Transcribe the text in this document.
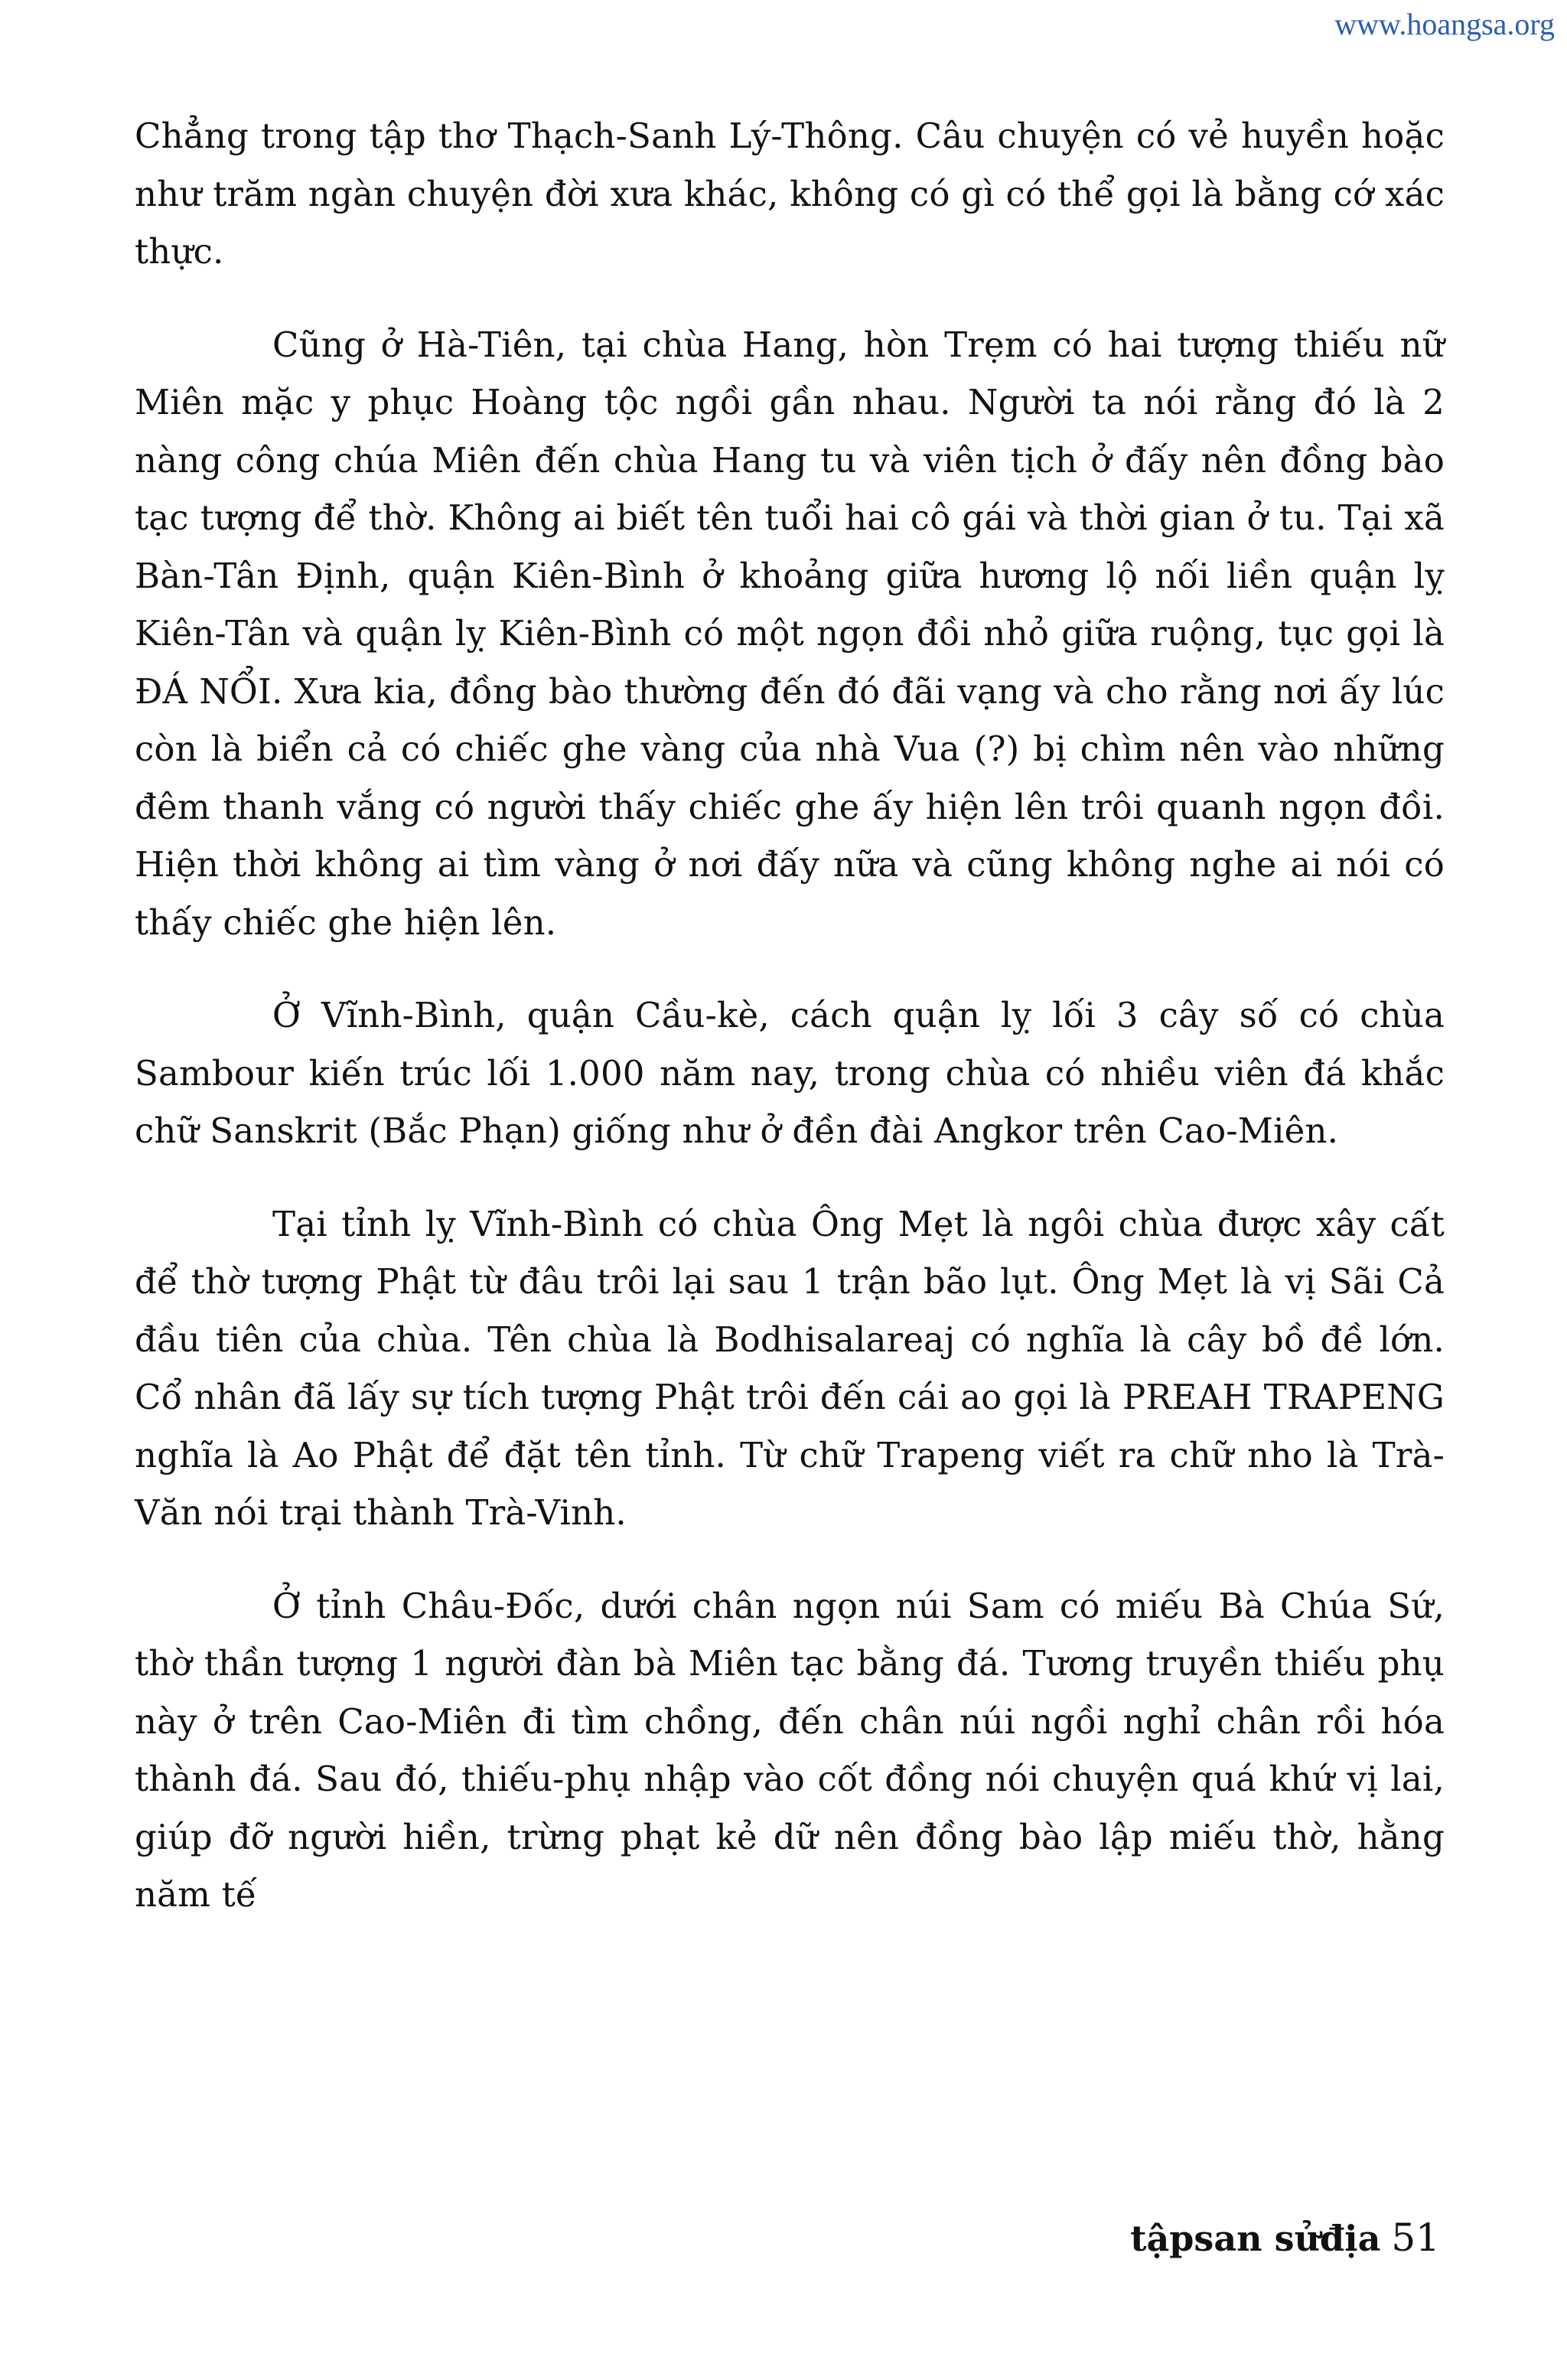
www.hoangsa.org

Chẳng trong tập thơ Thạch-Sanh Lý-Thông. Câu chuyện có vẻ huyền hoặc như trăm ngàn chuyện đời xưa khác, không có gì có thể gọi là bằng cớ xác thực.

Cũng ở Hà-Tiên, tại chùa Hang, hòn Trẹm có hai tượng thiếu nữ Miên mặc y phục Hoàng tộc ngồi gần nhau. Người ta nói rằng đó là 2 nàng công chúa Miên đến chùa Hang tu và viên tịch ở đấy nên đồng bào tạc tượng để thờ. Không ai biết tên tuổi hai cô gái và thời gian ở tu. Tại xã Bàn-Tân Định, quận Kiên-Bình ở khoảng giữa hương lộ nối liền quận lỵ Kiên-Tân và quận lỵ Kiên-Bình có một ngọn đồi nhỏ giữa ruộng, tục gọi là ĐÁ NỔI. Xưa kia, đồng bào thường đến đó đãi vạng và cho rằng nơi ấy lúc còn là biển cả có chiếc ghe vàng của nhà Vua (?) bị chìm nên vào những đêm thanh vắng có người thấy chiếc ghe ấy hiện lên trôi quanh ngọn đồi. Hiện thời không ai tìm vàng ở nơi đấy nữa và cũng không nghe ai nói có thấy chiếc ghe hiện lên.

Ở Vĩnh-Bình, quận Cầu-kè, cách quận lỵ lối 3 cây số có chùa Sambour kiến trúc lối 1.000 năm nay, trong chùa có nhiều viên đá khắc chữ Sanskrit (Bắc Phạn) giống như ở đền đài Angkor trên Cao-Miên.

Tại tỉnh lỵ Vĩnh-Bình có chùa Ông Mẹt là ngôi chùa được xây cất để thờ tượng Phật từ đâu trôi lại sau 1 trận bão lụt. Ông Mẹt là vị Sãi Cả đầu tiên của chùa. Tên chùa là Bodhisalareaj có nghĩa là cây bồ đề lớn. Cổ nhân đã lấy sự tích tượng Phật trôi đến cái ao gọi là PREAH TRAPENG nghĩa là Ao Phật để đặt tên tỉnh. Từ chữ Trapeng viết ra chữ nho là Trà-Văn nói trại thành Trà-Vinh.

Ở tỉnh Châu-Đốc, dưới chân ngọn núi Sam có miếu Bà Chúa Sứ, thờ thần tượng 1 người đàn bà Miên tạc bằng đá. Tương truyền thiếu phụ này ở trên Cao-Miên đi tìm chồng, đến chân núi ngồi nghỉ chân rồi hóa thành đá. Sau đó, thiếu-phụ nhập vào cốt đồng nói chuyện quá khứ vị lai, giúp đỡ người hiền, trừng phạt kẻ dữ nên đồng bào lập miếu thờ, hằng năm tế

tậpsan sửđịa 51
